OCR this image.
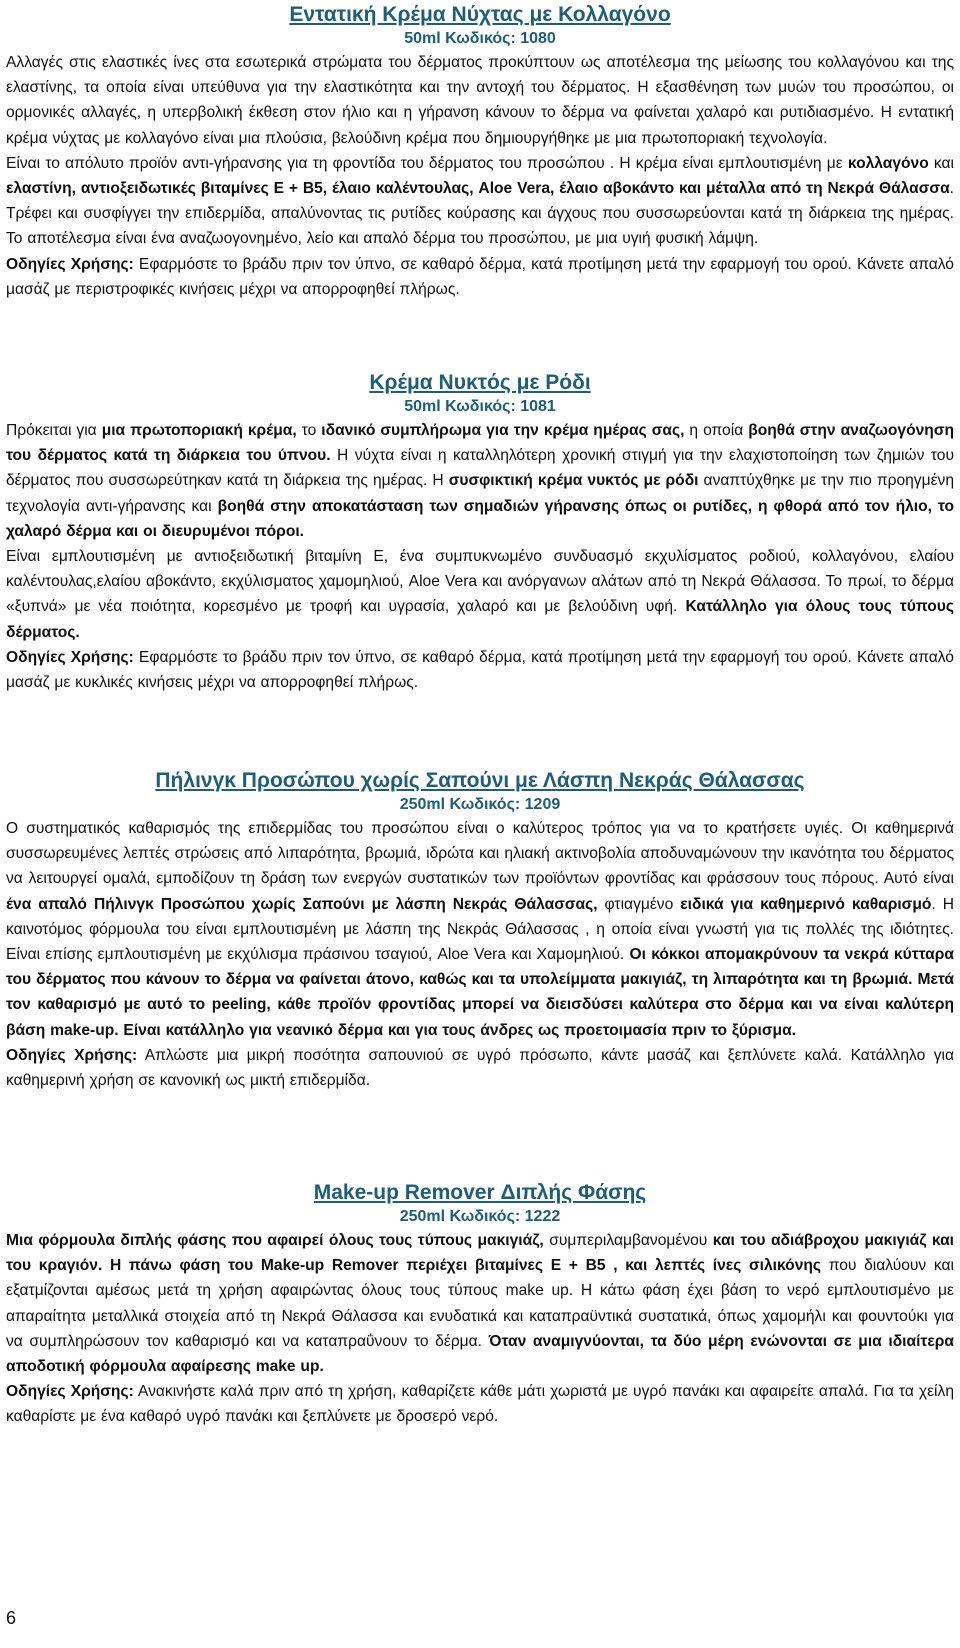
Εντατική Κρέμα Νύχτας με Κολλαγόνο

50ml Κωδικός: 1080

Αλλαγές στις ελαστικές ίνες στα εσωτερικά στρώματα του δέρματος προκύπτουν ως αποτέλεσμα της μείωσης του κολλαγόνου και της ελαστίνης, τα οποία είναι υπεύθυνα για την ελαστικότητα και την αντοχή του δέρματος. Η εξασθένηση των μυών του προσώπου, οι ορμονικές αλλαγές, η υπερβολική έκθεση στον ήλιο και η γήρανση κάνουν το δέρμα να φαίνεται χαλαρό και ρυτιδιασμένο. Η εντατική κρέμα νύχτας με κολλαγόνο είναι μια πλούσια, βελούδινη κρέμα που δημιουργήθηκε με μια πρωτοποριακή τεχνολογία.

Είναι το απόλυτο προϊόν αντι-γήρανσης για τη φροντίδα του δέρματος του προσώπου . Η κρέμα είναι εμπλουτισμένη με κολλαγόνο και ελαστίνη, αντιοξειδωτικές βιταμίνες Ε + Β5, έλαιο καλέντουλας, Aloe Vera, έλαιο αβοκάντο και μέταλλα από τη Νεκρά Θάλασσα. Τρέφει και συσφίγγει την επιδερμίδα, απαλύνοντας τις ρυτίδες κούρασης και άγχους που συσσωρεύονται κατά τη διάρκεια της ημέρας. Το αποτέλεσμα είναι ένα αναζωογονημένο, λείο και απαλό δέρμα του προσώπου, με μια υγιή φυσική λάμψη.

Οδηγίες Χρήσης: Εφαρμόστε το βράδυ πριν τον ύπνο, σε καθαρό δέρμα, κατά προτίμηση μετά την εφαρμογή του ορού. Κάνετε απαλό μασάζ με περιστροφικές κινήσεις μέχρι να απορροφηθεί πλήρως.

Κρέμα Νυκτός με Ρόδι

50ml Κωδικός: 1081

Πρόκειται για μια πρωτοποριακή κρέμα, το ιδανικό συμπλήρωμα για την κρέμα ημέρας σας, η οποία βοηθά στην αναζωογόνηση του δέρματος κατά τη διάρκεια του ύπνου. Η νύχτα είναι η καταλληλότερη χρονική στιγμή για την ελαχιστοποίηση των ζημιών του δέρματος που συσσωρεύτηκαν κατά τη διάρκεια της ημέρας. Η συσφικτική κρέμα νυκτός με ρόδι αναπτύχθηκε με την πιο προηγμένη τεχνολογία αντι-γήρανσης και βοηθά στην αποκατάσταση των σημαδιών γήρανσης όπως οι ρυτίδες, η φθορά από τον ήλιο, το χαλαρό δέρμα και οι διευρυμένοι πόροι.

Είναι εμπλουτισμένη με αντιοξειδωτική βιταμίνη Ε, ένα συμπυκνωμένο συνδυασμό εκχυλίσματος ροδιού, κολλαγόνου, ελαίου καλέντουλας,ελαίου αβοκάντο, εκχύλισματος χαμομηλιού, Aloe Vera και ανόργανων αλάτων από τη Νεκρά Θάλασσα. Το πρωί, το δέρμα «ξυπνά» με νέα ποιότητα, κορεσμένο με τροφή και υγρασία, χαλαρό και με βελούδινη υφή. Κατάλληλο για όλους τους τύπους δέρματος.

Οδηγίες Χρήσης: Εφαρμόστε το βράδυ πριν τον ύπνο, σε καθαρό δέρμα, κατά προτίμηση μετά την εφαρμογή του ορού. Κάνετε απαλό μασάζ με κυκλικές κινήσεις μέχρι να απορροφηθεί πλήρως.

Πήλινγκ Προσώπου χωρίς Σαπούνι με Λάσπη Νεκράς Θάλασσας

250ml Κωδικός: 1209

Ο συστηματικός καθαρισμός της επιδερμίδας του προσώπου είναι ο καλύτερος τρόπος για να το κρατήσετε υγιές. Οι καθημερινά συσσωρευμένες λεπτές στρώσεις από λιπαρότητα, βρωμιά, ιδρώτα και ηλιακή ακτινοβολία αποδυναμώνουν την ικανότητα του δέρματος να λειτουργεί ομαλά, εμποδίζουν τη δράση των ενεργών συστατικών των προϊόντων φροντίδας και φράσσουν τους πόρους. Αυτό είναι ένα απαλό Πήλινγκ Προσώπου χωρίς Σαπούνι με λάσπη Νεκράς Θάλασσας, φτιαγμένο ειδικά για καθημερινό καθαρισμό. Η καινοτόμος φόρμουλα του είναι εμπλουτισμένη με λάσπη της Νεκράς Θάλασσας , η οποία είναι γνωστή για τις πολλές της ιδιότητες. Είναι επίσης εμπλουτισμένη με εκχύλισμα πράσινου τσαγιού, Aloe Vera και Χαμομηλιού. Οι κόκκοι απομακρύνουν τα νεκρά κύτταρα του δέρματος που κάνουν το δέρμα να φαίνεται άτονο, καθώς και τα υπολείμματα μακιγιάζ, τη λιπαρότητα και τη βρωμιά. Μετά τον καθαρισμό με αυτό το peeling, κάθε προϊόν φροντίδας μπορεί να διεισδύσει καλύτερα στο δέρμα και να είναι καλύτερη βάση make-up. Είναι κατάλληλο για νεανικό δέρμα και για τους άνδρες ως προετοιμασία πριν το ξύρισμα.

Οδηγίες Χρήσης: Απλώστε μια μικρή ποσότητα σαπουνιού σε υγρό πρόσωπο, κάντε μασάζ και ξεπλύνετε καλά. Κατάλληλο για καθημερινή χρήση σε κανονική ως μικτή επιδερμίδα.

Make-up Remover Διπλής Φάσης

250ml Κωδικός: 1222

Μια φόρμουλα διπλής φάσης που αφαιρεί όλους τους τύπους μακιγιάζ, συμπεριλαμβανομένου και του αδιάβροχου μακιγιάζ και του κραγιόν. Η πάνω φάση του Make-up Remover περιέχει βιταμίνες Ε + Β5 , και λεπτές ίνες σιλικόνης που διαλύουν και εξατμίζονται αμέσως μετά τη χρήση αφαιρώντας όλους τους τύπους make up. Η κάτω φάση έχει βάση το νερό εμπλουτισμένο με απαραίτητα μεταλλικά στοιχεία από τη Νεκρά Θάλασσα και ενυδατικά και καταπραϋντικά συστατικά, όπως χαμομήλι και φουντούκι για να συμπληρώσουν τον καθαρισμό και να καταπραΰνουν το δέρμα. Όταν αναμιγνύονται, τα δύο μέρη ενώνονται σε μια ιδιαίτερα αποδοτική φόρμουλα αφαίρεσης make up.

Οδηγίες Χρήσης: Ανακινήστε καλά πριν από τη χρήση, καθαρίζετε κάθε μάτι χωριστά με υγρό πανάκι και αφαιρείτε απαλά. Για τα χείλη καθαρίστε με ένα καθαρό υγρό πανάκι και ξεπλύνετε με δροσερό νερό.

6
